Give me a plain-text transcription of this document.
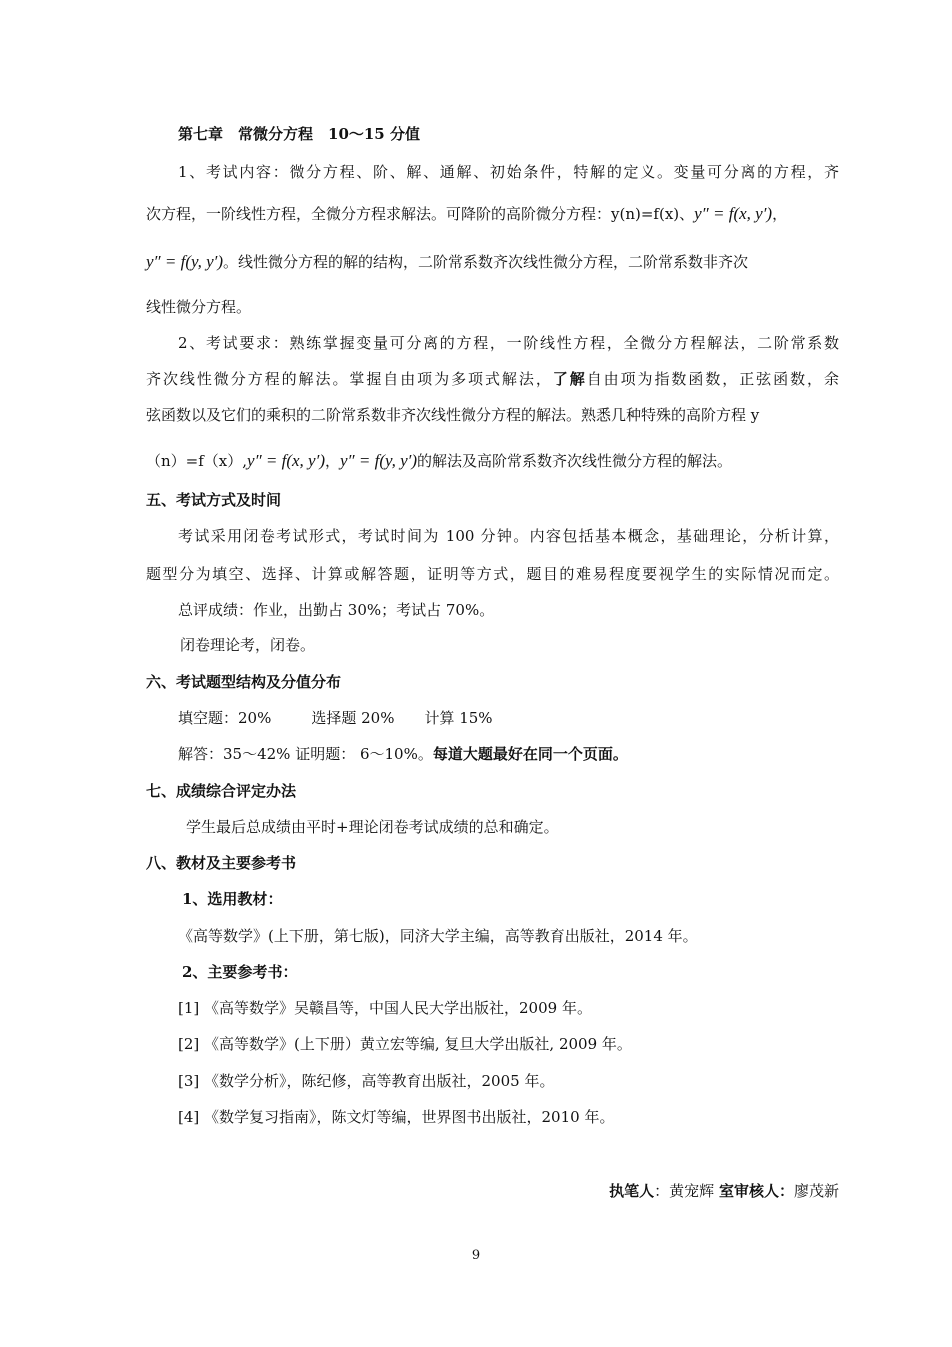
第七章　常微分方程　10～15 分值
1、考试内容：微分方程、阶、解、通解、初始条件，特解的定义。变量可分离的方程，齐
次方程，一阶线性方程，全微分方程求解法。可降阶的高阶微分方程：y(n)=f(x)、y″ = f(x, y′)，
y″ = f(y, y′)。线性微分方程的解的结构，二阶常系数齐次线性微分方程，二阶常系数非齐次
线性微分方程。
2、考试要求：熟练掌握变量可分离的方程，一阶线性方程，全微分方程解法，二阶常系数
齐次线性微分方程的解法。掌握自由项为多项式解法，了解自由项为指数函数，正弦函数，余
弦函数以及它们的乘积的二阶常系数非齐次线性微分方程的解法。熟悉几种特殊的高阶方程 y
（n）=f（x）,y″ = f(x, y′)，y″ = f(y, y′)的解法及高阶常系数齐次线性微分方程的解法。
五、考试方式及时间
考试采用闭卷考试形式，考试时间为 100 分钟。内容包括基本概念，基础理论，分析计算，
题型分为填空、选择、计算或解答题，证明等方式，题目的难易程度要视学生的实际情况而定。
总评成绩：作业，出勤占 30%；考试占 70%。
闭卷理论考，闭卷。
六、考试题型结构及分值分布
填空题：20%	选择题 20% 计算 15%
解答：35～42% 证明题： 6～10%。每道大题最好在同一个页面。
七、成绩综合评定办法
学生最后总成绩由平时+理论闭卷考试成绩的总和确定。
八、教材及主要参考书
1、选用教材：
《高等数学》(上下册，第七版)，同济大学主编，高等教育出版社，2014 年。
2、主要参考书：
[1] 《高等数学》吴赣昌等，中国人民大学出版社，2009 年。
[2] 《高等数学》(上下册）黄立宏等编, 复旦大学出版社, 2009 年。
[3] 《数学分析》，陈纪修，高等教育出版社，2005 年。
[4] 《数学复习指南》，陈文灯等编，世界图书出版社，2010 年。
执笔人：黄宠辉 室审核人：廖茂新
9
